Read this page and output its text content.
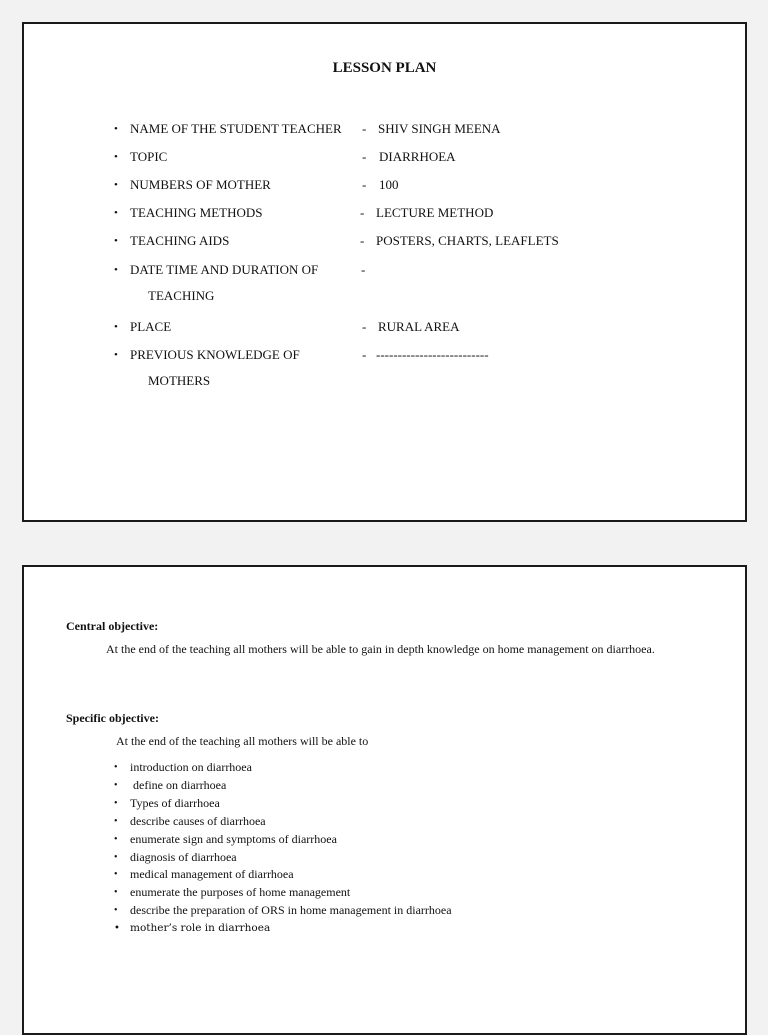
LESSON PLAN
• NAME OF THE STUDENT TEACHER - SHIV SINGH MEENA
• TOPIC	- DIARRHOEA
• NUMBERS OF MOTHER	- 100
• TEACHING METHODS	- LECTURE METHOD
• TEACHING AIDS	- POSTERS, CHARTS, LEAFLETS
• DATE TIME AND DURATION OF	-
TEACHING
• PLACE	- RURAL AREA
• PREVIOUS KNOWLEDGE OF	- --------------------------
MOTHERS
Central objective:
At the end of the teaching all mothers will be able to gain in depth knowledge on home management on diarrhoea.
Specific objective:
At the end of the teaching all mothers will be able to
• introduction on diarrhoea
• define on diarrhoea
• Types of diarrhoea
• describe causes of diarrhoea
• enumerate sign and symptoms of diarrhoea
• diagnosis of diarrhoea
• medical management of diarrhoea
• enumerate the purposes of home management
• describe the preparation of ORS in home management in diarrhoea
• mother’s role in diarrhoea
